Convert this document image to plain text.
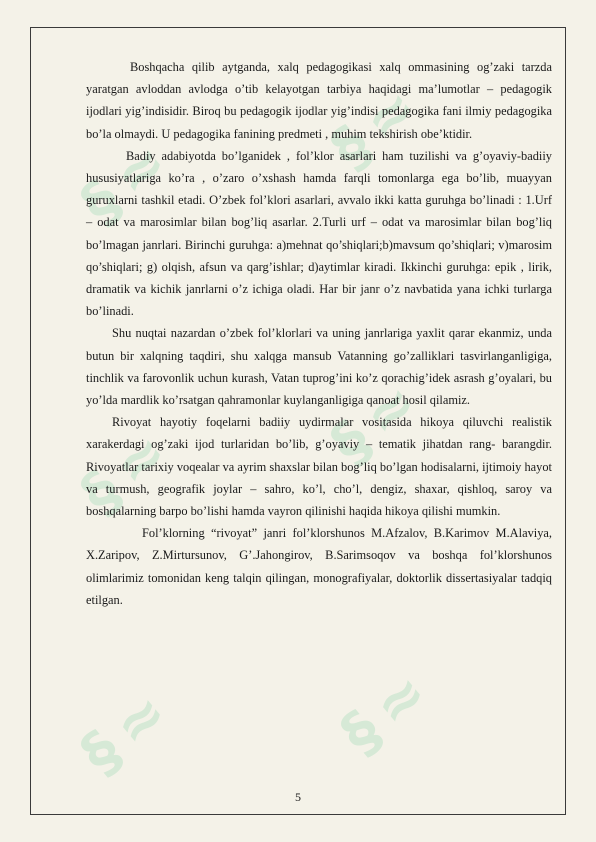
§ ≈
§ ≈
§ ≈ § ≈
§ ≈	§ ≈

Boshqacha qilib aytganda, xalq pedagogikasi xalq ommasining og’zaki tarzda yaratgan avloddan avlodga o’tib kelayotgan tarbiya haqidagi ma’lumotlar – pedagogik ijodlari yig’indisidir. Biroq bu pedagogik ijodlar yig’indisi pedagogika fani ilmiy pedagogika bo’la olmaydi. U pedagogika fanining predmeti , muhim tekshirish obe’ktidir.

Badiy adabiyotda bo’lganidek , fol’klor asarlari ham tuzilishi va g’oyaviy-badiiy hususiyatlariga ko’ra , o’zaro o’xshash hamda farqli tomonlarga ega bo’lib, muayyan guruxlarni tashkil etadi. O’zbek fol’klori asarlari, avvalo ikki katta guruhga bo’linadi : 1.Urf – odat va marosimlar bilan bog’liq asarlar. 2.Turli urf – odat va marosimlar bilan bog’liq bo’lmagan janrlari. Birinchi guruhga: a)mehnat qo’shiqlari;b)mavsum qo’shiqlari; v)marosim qo’shiqlari; g) olqish, afsun va qarg’ishlar; d)aytimlar kiradi. Ikkinchi guruhga: epik , lirik, dramatik va kichik janrlarni o’z ichiga oladi. Har bir janr o’z navbatida yana ichki turlarga bo’linadi.

Shu nuqtai nazardan o’zbek fol’klorlari va uning janrlariga yaxlit qarar ekanmiz, unda butun bir xalqning taqdiri, shu xalqga mansub Vatanning go’zalliklari tasvirlanganligiga, tinchlik va farovonlik uchun kurash, Vatan tuprog’ini ko’z qorachig’idek asrash g’oyalari, bu yo’lda mardlik ko’rsatgan qahramonlar kuylanganligiga qanoat hosil qilamiz.

Rivoyat hayotiy foqelarni badiiy uydirmalar vositasida hikoya qiluvchi realistik xarakerdagi og’zaki ijod turlaridan bo’lib, g’oyaviy – tematik jihatdan rang- barangdir. Rivoyatlar tarixiy voqealar va ayrim shaxslar bilan bog’liq bo’lgan hodisalarni, ijtimoiy hayot va turmush, geografik joylar – sahro, ko’l, cho’l, dengiz, shaxar, qishloq, saroy va boshqalarning barpo bo’lishi hamda vayron qilinishi haqida hikoya qilishi mumkin.

Fol’klorning “rivoyat” janri fol’klorshunos M.Afzalov, B.Karimov M.Alaviya, X.Zaripov, Z.Mirtursunov, G’.Jahongirov, B.Sarimsoqov va boshqa fol’klorshunos olimlarimiz tomonidan keng talqin qilingan, monografiyalar, doktorlik dissertasiyalar tadqiq etilgan.

5
